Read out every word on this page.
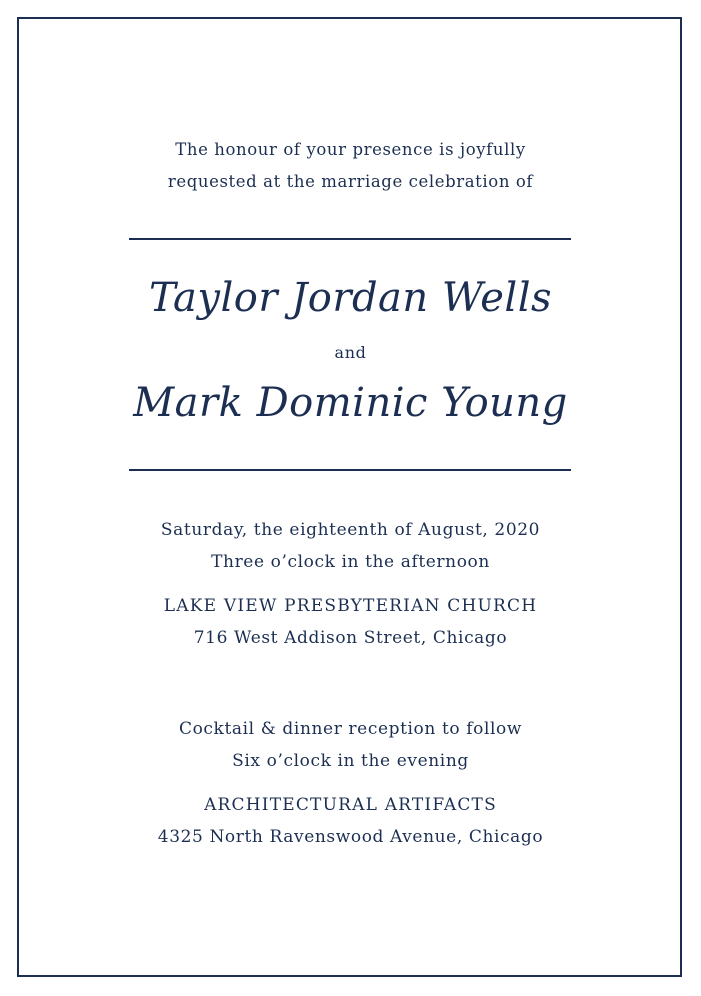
The honour of your presence is joyfully
requested at the marriage celebration of
Taylor Jordan Wells
and
Mark Dominic Young
Saturday, the eighteenth of August, 2020
Three o’clock in the afternoon
LAKE VIEW PRESBYTERIAN CHURCH
716 West Addison Street, Chicago
Cocktail & dinner reception to follow
Six o’clock in the evening
ARCHITECTURAL ARTIFACTS
4325 North Ravenswood Avenue, Chicago
